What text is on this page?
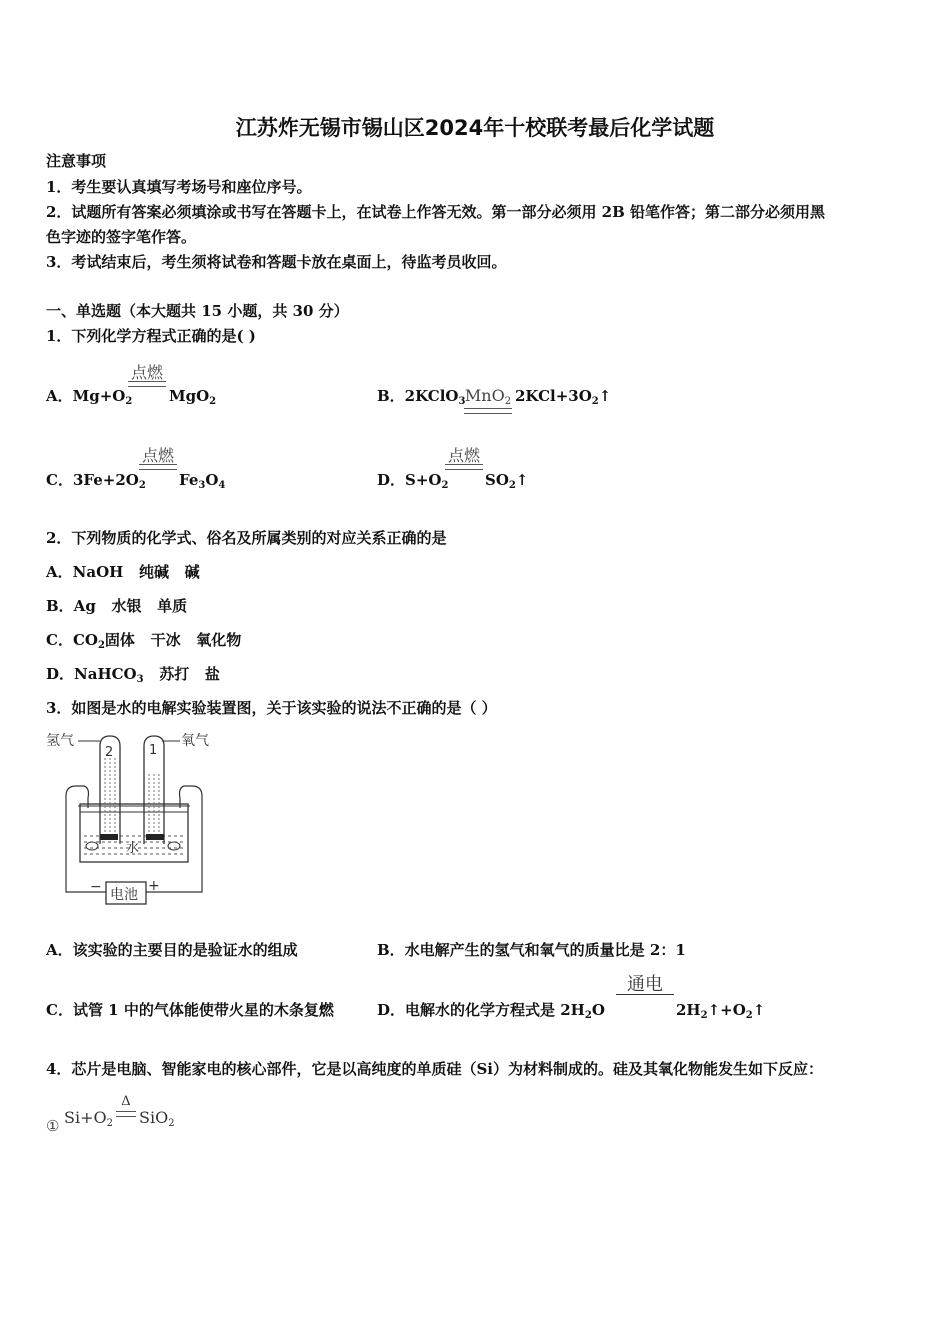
江苏炸无锡市锡山区2024年十校联考最后化学试题
注意事项
1．考生要认真填写考场号和座位序号。
2．试题所有答案必须填涂或书写在答题卡上，在试卷上作答无效。第一部分必须用 2B 铅笔作答；第二部分必须用黑
色字迹的签字笔作答。
3．考试结束后，考生须将试卷和答题卡放在桌面上，待监考员收回。
一、单选题（本大题共 15 小题，共 30 分）
1．下列化学方程式正确的是( )
A．$Mg+O_2$
点燃
MgO$_2$	B．2KClO$_3$ MnO$_2$ $2KCl+3O_2↑$
C．$3Fe+2O_2$
点燃
$Fe_3O_4$	D．$S+O_2$
点燃
$SO_2↑$
2．下列物质的化学式、俗名及所属类别的对应关系正确的是
A．NaOH   纯碱   碱
B．Ag   水银   单质
C．$CO_2$固体   干冰   氧化物
D．NaHCO$_3$   苏打   盐
3．如图是水的电解实验装置图，关于该实验的说法不正确的是（ ）
氢气	氧气
水
2	1
电池
−	+
A．该实验的主要目的是验证水的组成	B．水电解产生的氢气和氧气的质量比是 2：1
C．试管 1 中的气体能使带火星的木条复燃	D．电解水的化学方程式是 $2H_2O$
通电
$2H_2↑+O_2↑$
4．芯片是电脑、智能家电的核心部件，它是以高纯度的单质硅（Si）为材料制成的。硅及其氧化物能发生如下反应：
① $Si+O_2$
Δ
SiO$_2$
